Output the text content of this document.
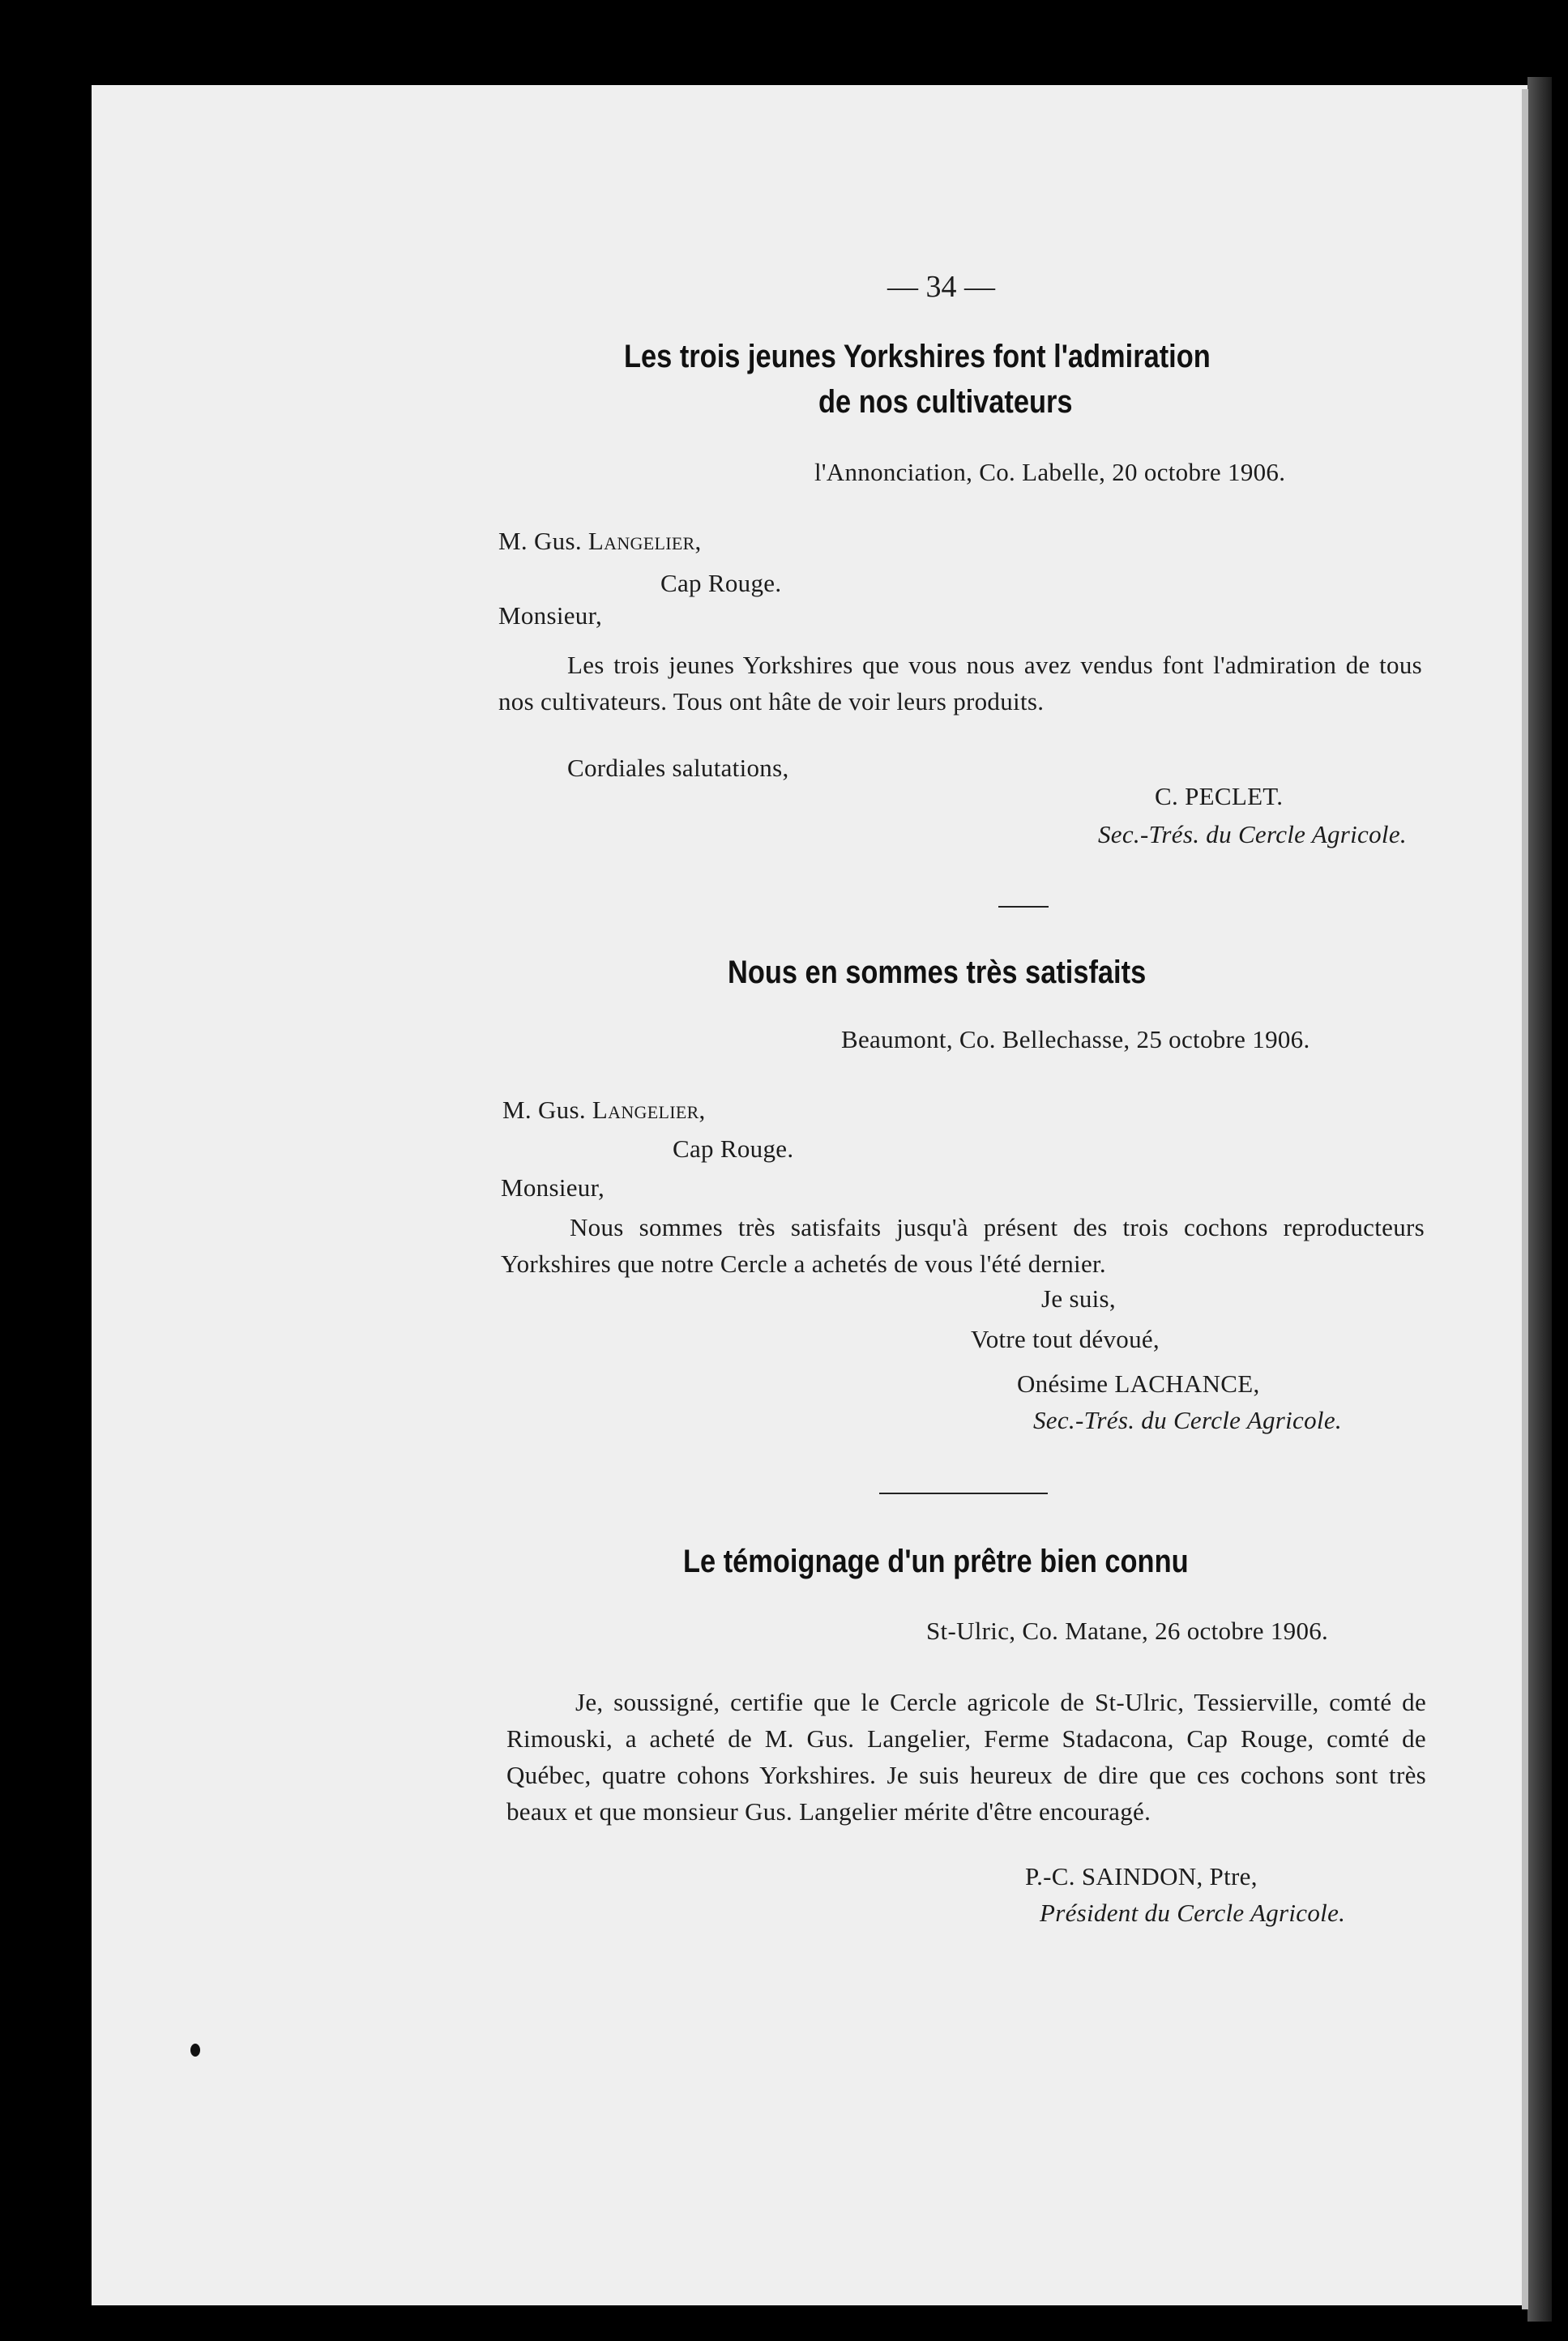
— 34 —
Les trois jeunes Yorkshires font l'admiration
de nos cultivateurs
l'Annonciation, Co. Labelle, 20 octobre 1906.
M. Gus. Langelier,
Cap Rouge.
Monsieur,
Les trois jeunes Yorkshires que vous nous avez vendus font l'admiration de tous nos cultivateurs. Tous ont hâte de voir leurs produits.
Cordiales salutations,
C. PECLET.
Sec.-Trés. du Cercle Agricole.
Nous en sommes très satisfaits
Beaumont, Co. Bellechasse, 25 octobre 1906.
M. Gus. Langelier,
Cap Rouge.
Monsieur,
Nous sommes très satisfaits jusqu'à présent des trois cochons reproducteurs Yorkshires que notre Cercle a achetés de vous l'été dernier.
Je suis,
Votre tout dévoué,
Onésime LACHANCE,
Sec.-Trés. du Cercle Agricole.
Le témoignage d'un prêtre bien connu
St-Ulric, Co. Matane, 26 octobre 1906.
Je, soussigné, certifie que le Cercle agricole de St-Ulric, Tessierville, comté de Rimouski, a acheté de M. Gus. Langelier, Ferme Stadacona, Cap Rouge, comté de Québec, quatre cohons Yorkshires. Je suis heureux de dire que ces cochons sont très beaux et que monsieur Gus. Langelier mérite d'être encouragé.
P.-C. SAINDON, Ptre,
Président du Cercle Agricole.
